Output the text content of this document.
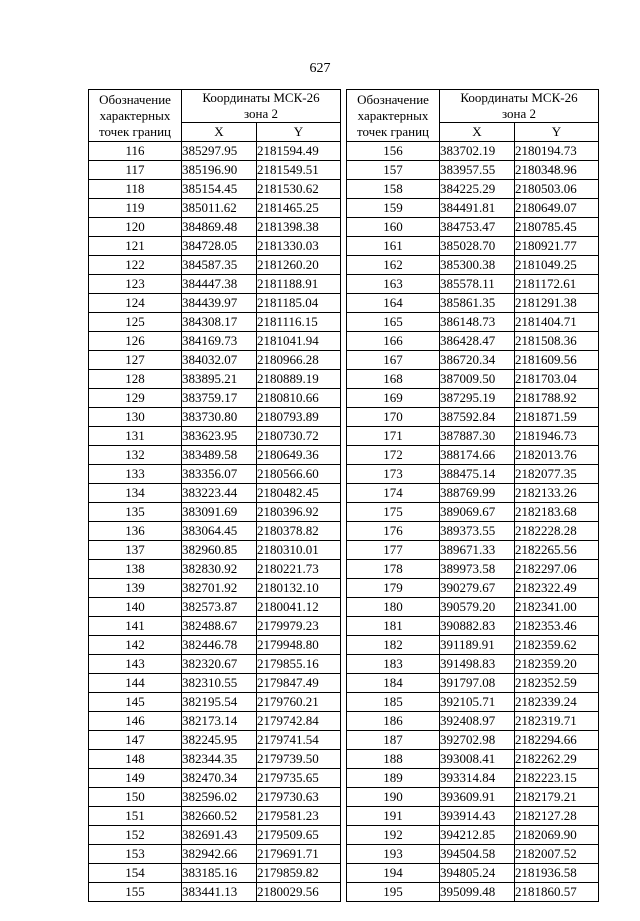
627
Обозначение
характерных
точек границ	Координаты МСК-26
зона 2	

	X	Y
116	385297.95	2181594.49
117	385196.90	2181549.51
118	385154.45	2181530.62
119	385011.62	2181465.25
120	384869.48	2181398.38
121	384728.05	2181330.03
122	384587.35	2181260.20
123	384447.38	2181188.91
124	384439.97	2181185.04
125	384308.17	2181116.15
126	384169.73	2181041.94
127	384032.07	2180966.28
128	383895.21	2180889.19
129	383759.17	2180810.66
130	383730.80	2180793.89
131	383623.95	2180730.72
132	383489.58	2180649.36
133	383356.07	2180566.60
134	383223.44	2180482.45
135	383091.69	2180396.92
136	383064.45	2180378.82
137	382960.85	2180310.01
138	382830.92	2180221.73
139	382701.92	2180132.10
140	382573.87	2180041.12
141	382488.67	2179979.23
142	382446.78	2179948.80
143	382320.67	2179855.16
144	382310.55	2179847.49
145	382195.54	2179760.21
146	382173.14	2179742.84
147	382245.95	2179741.54
148	382344.35	2179739.50
149	382470.34	2179735.65
150	382596.02	2179730.63
151	382660.52	2179581.23
152	382691.43	2179509.65
153	382942.66	2179691.71
154	383185.16	2179859.82
155	383441.13	2180029.56
Обозначение
характерных
точек границ	Координаты МСК-26
зона 2	

	X	Y
156	383702.19	2180194.73
157	383957.55	2180348.96
158	384225.29	2180503.06
159	384491.81	2180649.07
160	384753.47	2180785.45
161	385028.70	2180921.77
162	385300.38	2181049.25
163	385578.11	2181172.61
164	385861.35	2181291.38
165	386148.73	2181404.71
166	386428.47	2181508.36
167	386720.34	2181609.56
168	387009.50	2181703.04
169	387295.19	2181788.92
170	387592.84	2181871.59
171	387887.30	2181946.73
172	388174.66	2182013.76
173	388475.14	2182077.35
174	388769.99	2182133.26
175	389069.67	2182183.68
176	389373.55	2182228.28
177	389671.33	2182265.56
178	389973.58	2182297.06
179	390279.67	2182322.49
180	390579.20	2182341.00
181	390882.83	2182353.46
182	391189.91	2182359.62
183	391498.83	2182359.20
184	391797.08	2182352.59
185	392105.71	2182339.24
186	392408.97	2182319.71
187	392702.98	2182294.66
188	393008.41	2182262.29
189	393314.84	2182223.15
190	393609.91	2182179.21
191	393914.43	2182127.28
192	394212.85	2182069.90
193	394504.58	2182007.52
194	394805.24	2181936.58
195	395099.48	2181860.57
